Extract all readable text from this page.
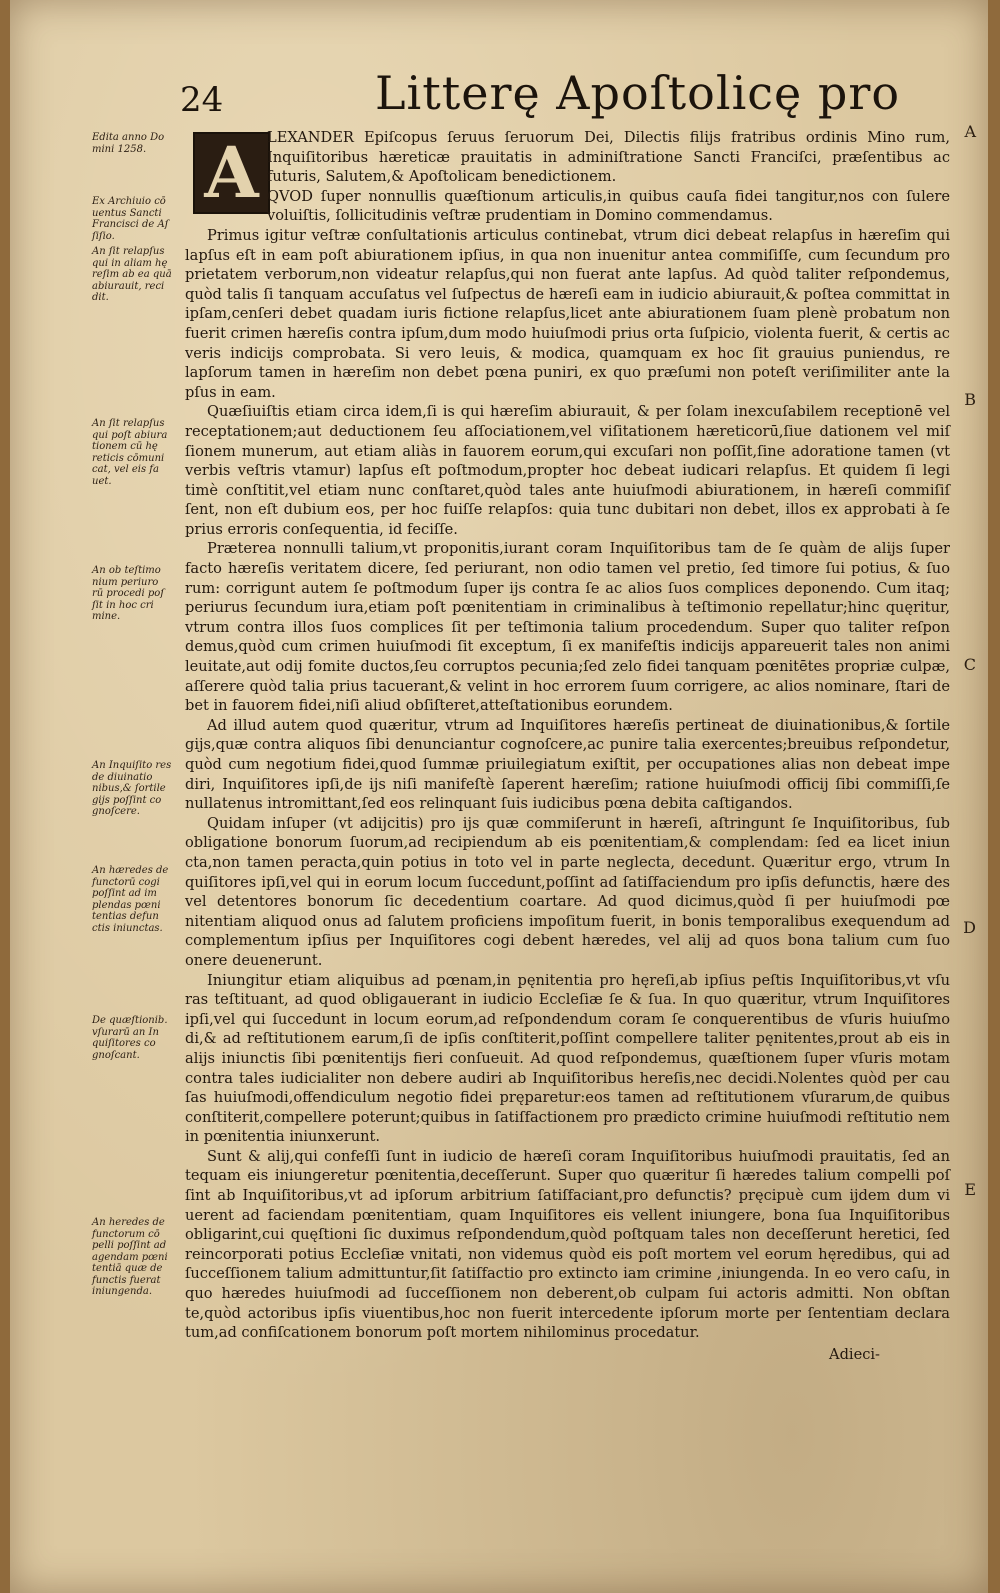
24	Litterę Apoſtolicę pro
A
Edita anno Do mini 1258.
Ex Archiuio cō uentus Sancti Francisci de Aſ ſiſio.
An ſit relapſus qui in aliam hę reſim ab ea quā abiurauit, reci dit.
An ſit relapſus qui poſt abiura tionem cū hę reticis cōmuni cat, vel eis fa uet.
An ob teſtimo nium periuro rū procedi poſ ſit in hoc cri mine.
An Inquiſito res de diuinatio nibus,& ſortile gijs poſſint co gnoſcere.
An hæredes de functorū cogi poſſint ad im plendas pœni tentias defun ctis iniunctas.
De quæſtionib. vſurarū an In quiſitores co gnoſcant.
An heredes de functorum cō pelli poſſint ad agendam pœni tentiā quæ de functis fuerat iniungenda.
A
B
C
D
E

LEXANDER Epiſcopus ſeruus ſeruorum Dei, Dilectis filijs fratribus ordinis Mino rum, Inquiſitoribus hæreticæ prauitatis in adminiſtratione Sancti Franciſci, præſentibus ac futuris, Salutem,& Apoſtolicam benedictionem.

QVOD ſuper nonnullis quæſtionum articulis,in quibus cauſa fidei tangitur,nos con ſulere voluiſtis, ſollicitudinis veſtræ prudentiam in Domino commendamus.

Primus igitur veſtræ conſultationis articulus continebat, vtrum dici debeat relapſus in hæreſim qui lapſus eſt in eam poſt abiurationem ipſius, in qua non inuenitur antea commiſiſſe, cum ſecundum pro prietatem verborum,non videatur relapſus,qui non fuerat ante lapſus. Ad quòd taliter reſpondemus, quòd talis ſi tanquam accuſatus vel ſuſpectus de hæreſi eam in iudicio abiurauit,& poſtea committat in ipſam,cenſeri debet quadam iuris fictione relapſus,licet ante abiurationem ſuam plenè probatum non fuerit crimen hæreſis contra ipſum,dum modo huiuſmodi prius orta ſuſpicio, violenta fuerit, & certis ac veris indicijs comprobata. Si vero leuis, & modica, quamquam ex hoc ſit grauius puniendus, re lapſorum tamen in hæreſim non debet pœna puniri, ex quo præſumi non poteſt veriſimiliter ante la pſus in eam.

Quæſiuiſtis etiam circa idem,ſi is qui hæreſim abiurauit, & per ſolam inexcuſabilem receptionē vel receptationem;aut deductionem ſeu aſſociationem,vel viſitationem hæreticorū,ſiue dationem vel miſ ſionem munerum, aut etiam aliàs in fauorem eorum,qui excuſari non poſſit,ſine adoratione tamen (vt verbis veſtris vtamur) lapſus eſt poſtmodum,propter hoc debeat iudicari relapſus. Et quidem ſi legi timè conſtitit,vel etiam nunc conſtaret,quòd tales ante huiuſmodi abiurationem, in hæreſi commiſiſ ſent, non eſt dubium eos, per hoc fuiſſe relapſos: quia tunc dubitari non debet, illos ex approbati à ſe prius erroris conſequentia, id feciſſe.

Præterea nonnulli talium,vt proponitis,iurant coram Inquiſitoribus tam de ſe quàm de alijs ſuper facto hæreſis veritatem dicere, ſed periurant, non odio tamen vel pretio, ſed timore ſui potius, & ſuo rum: corrigunt autem ſe poſtmodum ſuper ijs contra ſe ac alios ſuos complices deponendo. Cum itaq; periurus ſecundum iura,etiam poſt pœnitentiam in criminalibus à teſtimonio repellatur;hinc quęritur, vtrum contra illos ſuos complices ſit per teſtimonia talium procedendum. Super quo taliter reſpon demus,quòd cum crimen huiuſmodi ſit exceptum, ſi ex manifeſtis indicijs appareuerit tales non animi leuitate,aut odij fomite ductos,ſeu corruptos pecunia;ſed zelo fidei tanquam pœnitētes propriæ culpæ, aſſerere quòd talia prius tacuerant,& velint in hoc errorem ſuum corrigere, ac alios nominare, ſtari de bet in fauorem fidei,niſi aliud obſiſteret,atteſtationibus eorundem.

Ad illud autem quod quæritur, vtrum ad Inquiſitores hæreſis pertineat de diuinationibus,& ſortile gijs,quæ contra aliquos ſibi denunciantur cognoſcere,ac punire talia exercentes;breuibus reſpondetur, quòd cum negotium fidei,quod ſummæ priuilegiatum exiſtit, per occupationes alias non debeat impe diri, Inquiſitores ipſi,de ijs niſi manifeſtè ſaperent hæreſim; ratione huiuſmodi officij ſibi commiſſi,ſe nullatenus intromittant,ſed eos relinquant ſuis iudicibus pœna debita caſtigandos.

Quidam inſuper (vt adijcitis) pro ijs quæ commiſerunt in hæreſi, aſtringunt ſe Inquiſitoribus, ſub obligatione bonorum ſuorum,ad recipiendum ab eis pœnitentiam,& complendam: ſed ea licet iniun cta,non tamen peracta,quin potius in toto vel in parte neglecta, decedunt. Quæritur ergo, vtrum In quiſitores ipſi,vel qui in eorum locum ſuccedunt,poſſint ad ſatiſfaciendum pro ipſis defunctis, hære des vel detentores bonorum ſic decedentium coartare. Ad quod dicimus,quòd ſi per huiuſmodi pœ nitentiam aliquod onus ad ſalutem proficiens impoſitum fuerit, in bonis temporalibus exequendum ad complementum ipſius per Inquiſitores cogi debent hæredes, vel alij ad quos bona talium cum ſuo onere deuenerunt.

Iniungitur etiam aliquibus ad pœnam,in pęnitentia pro hęreſi,ab ipſius peſtis Inquiſitoribus,vt vſu ras teſtituant, ad quod obligauerant in iudicio Eccleſiæ ſe & ſua. In quo quæritur, vtrum Inquiſitores ipſi,vel qui ſuccedunt in locum eorum,ad reſpondendum coram ſe conquerentibus de vſuris huiuſmo di,& ad reſtitutionem earum,ſi de ipſis conſtiterit,poſſint compellere taliter pęnitentes,prout ab eis in alijs iniunctis ſibi pœnitentijs fieri conſueuit. Ad quod reſpondemus, quæſtionem ſuper vſuris motam contra tales iudicialiter non debere audiri ab Inquiſitoribus hereſis,nec decidi.Nolentes quòd per cau ſas huiuſmodi,offendiculum negotio fidei pręparetur:eos tamen ad reſtitutionem vſurarum,de quibus conſtiterit,compellere poterunt;quibus in ſatiſfactionem pro prædicto crimine huiuſmodi reſtitutio nem in pœnitentia iniunxerunt.

Sunt & alij,qui confeſſi ſunt in iudicio de hæreſi coram Inquiſitoribus huiuſmodi prauitatis, ſed an tequam eis iniungeretur pœnitentia,deceſſerunt. Super quo quæritur ſi hæredes talium compelli poſ ſint ab Inquiſitoribus,vt ad ipſorum arbitrium ſatiſfaciant,pro defunctis? pręcipuè cum ijdem dum vi uerent ad faciendam pœnitentiam, quam Inquiſitores eis vellent iniungere, bona ſua Inquiſitoribus obligarint,cui quęſtioni ſic duximus reſpondendum,quòd poſtquam tales non deceſſerunt heretici, ſed reincorporati potius Eccleſiæ vnitati, non videmus quòd eis poſt mortem vel eorum hęredibus, qui ad ſucceſſionem talium admittuntur,ſit ſatiſfactio pro extincto iam crimine ,iniungenda. In eo vero caſu, in quo hæredes huiuſmodi ad ſucceſſionem non deberent,ob culpam ſui actoris admitti. Non obſtan te,quòd actoribus ipſis viuentibus,hoc non fuerit intercedente ipſorum morte per ſententiam declara tum,ad confiſcationem bonorum poſt mortem nihilominus procedatur.

Adieci-
